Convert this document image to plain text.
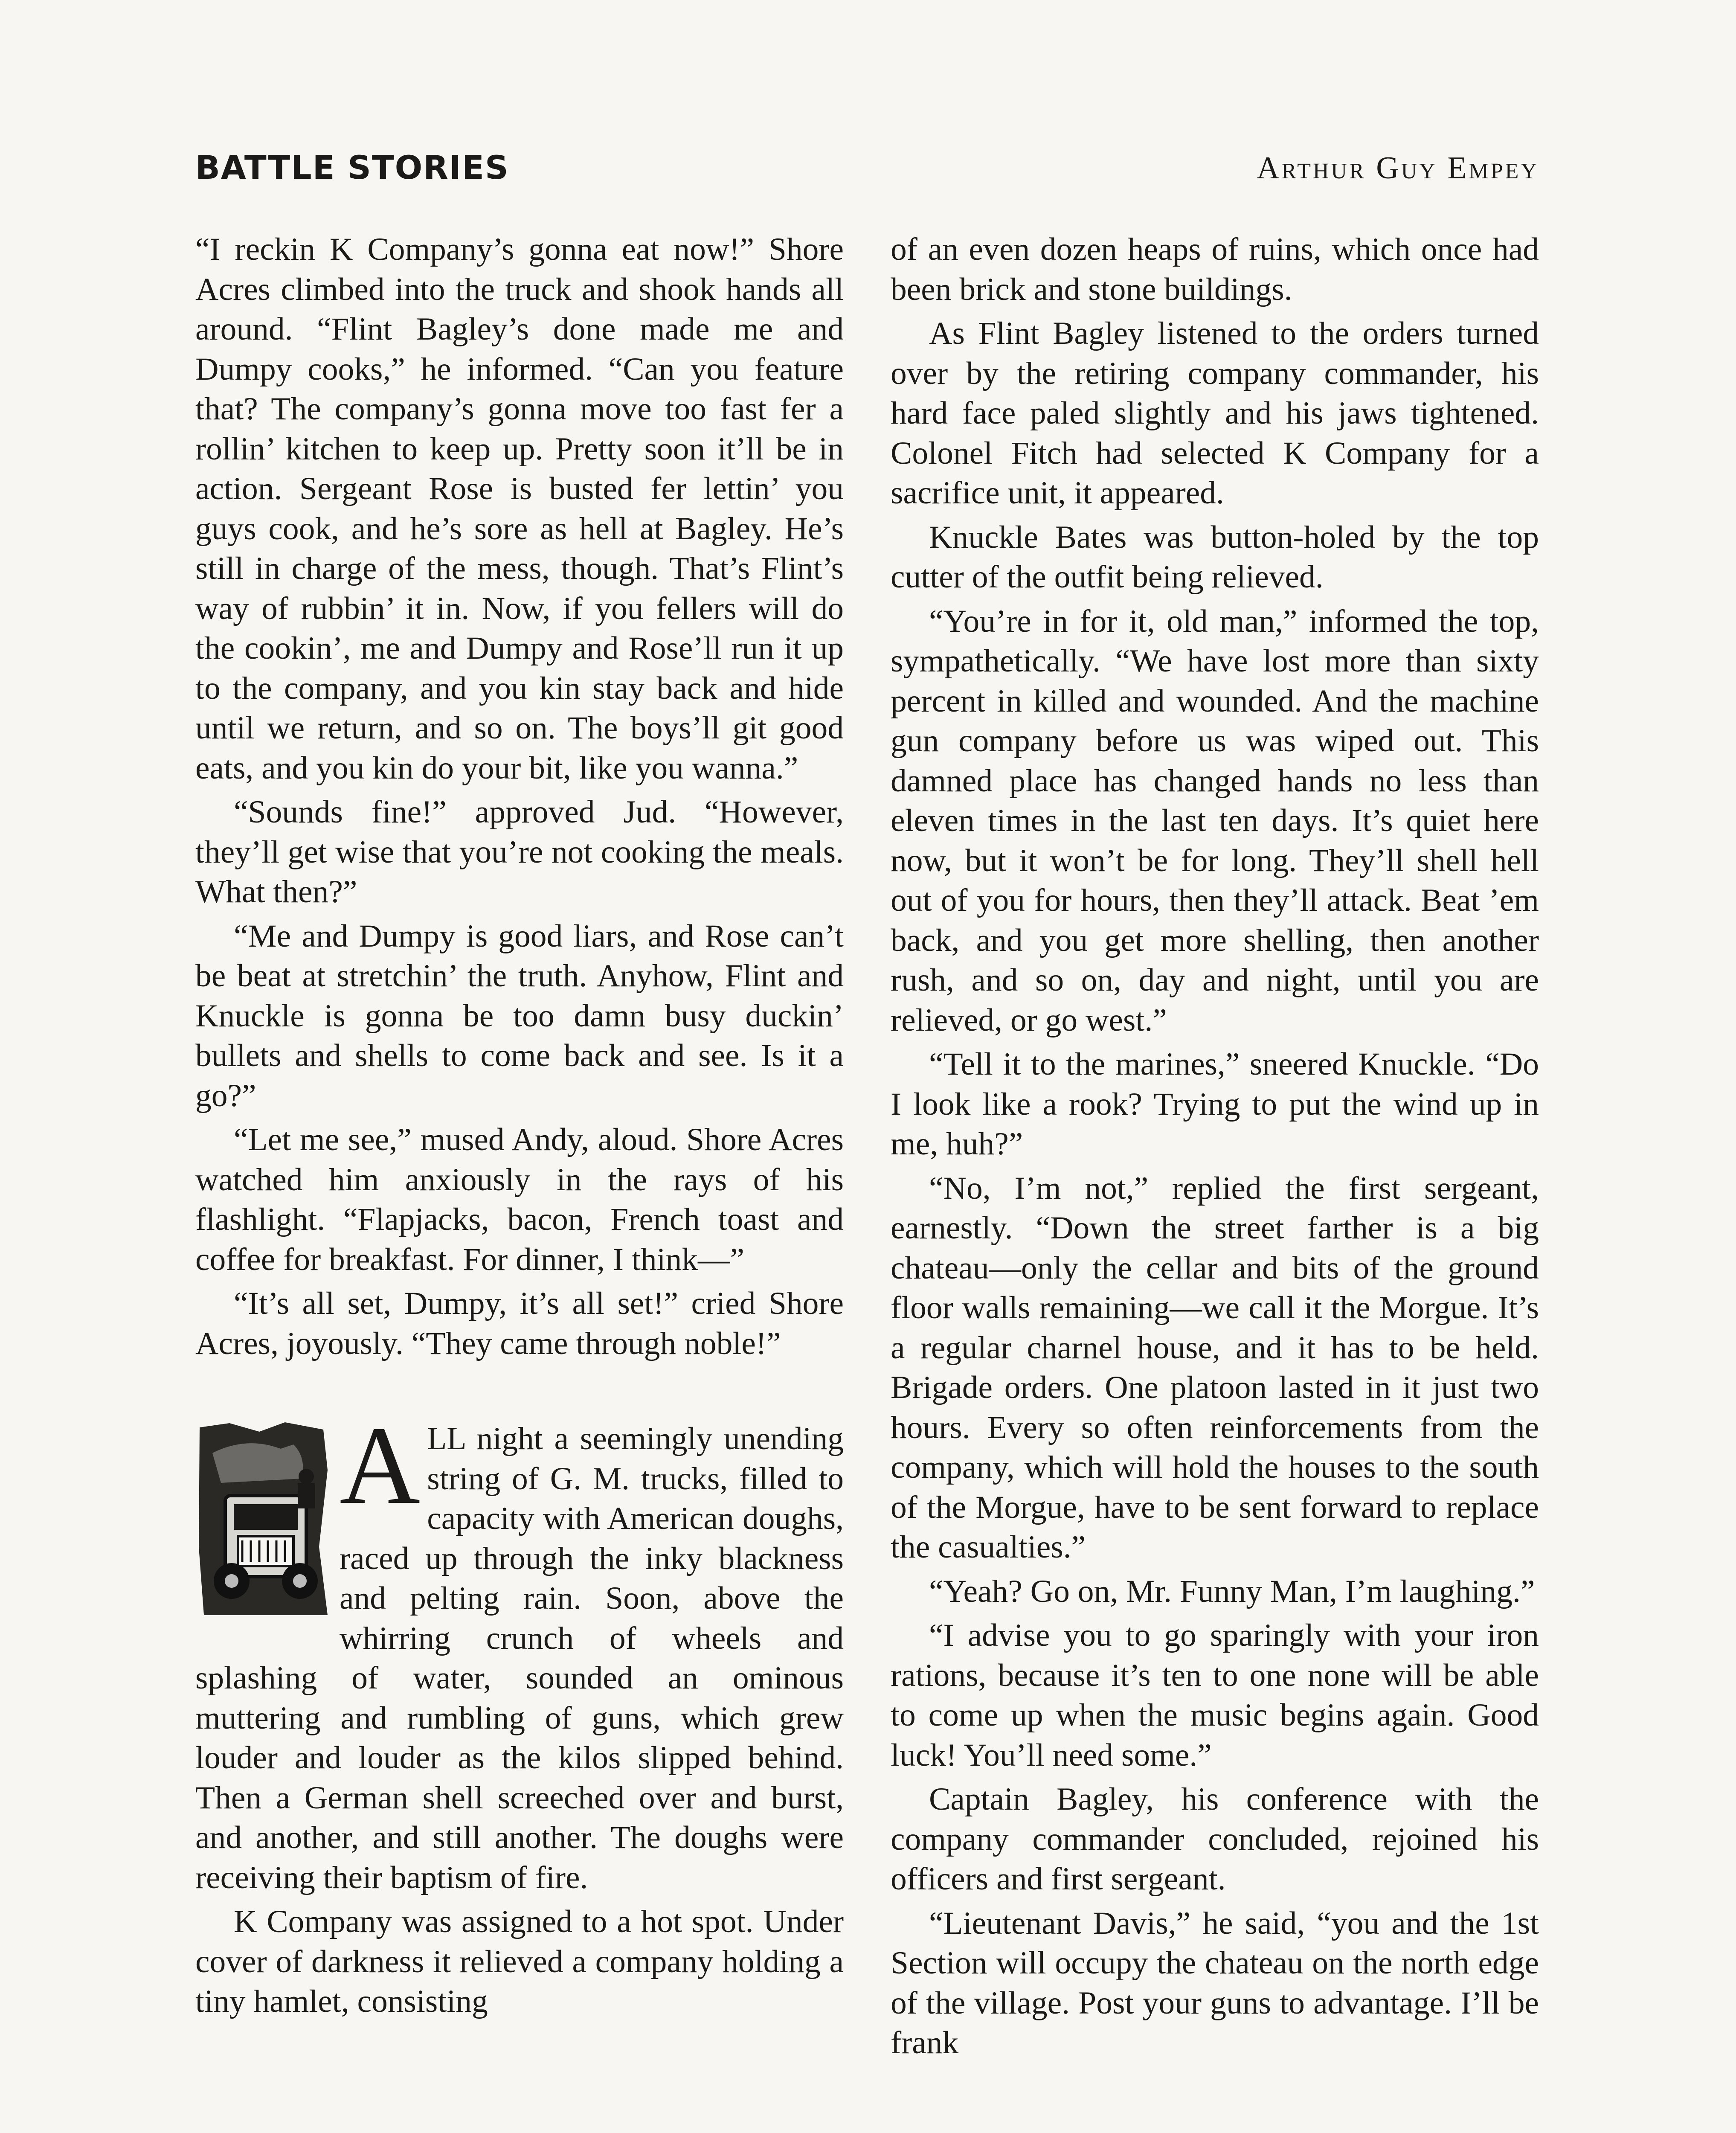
BATTLE STORIES	Arthur Guy Empey

“I reckin K Company’s gonna eat now!” Shore Acres climbed into the truck and shook hands all around. “Flint Bagley’s done made me and Dumpy cooks,” he informed. “Can you feature that? The company’s gonna move too fast fer a rollin’ kitchen to keep up. Pretty soon it’ll be in action. Sergeant Rose is busted fer lettin’ you guys cook, and he’s sore as hell at Bagley. He’s still in charge of the mess, though. That’s Flint’s way of rubbin’ it in. Now, if you fellers will do the cookin’, me and Dumpy and Rose’ll run it up to the company, and you kin stay back and hide until we return, and so on. The boys’ll git good eats, and you kin do your bit, like you wanna.”

“Sounds fine!” approved Jud. “However, they’ll get wise that you’re not cooking the meals. What then?”

“Me and Dumpy is good liars, and Rose can’t be beat at stretchin’ the truth. Anyhow, Flint and Knuckle is gonna be too damn busy duckin’ bullets and shells to come back and see. Is it a go?”

“Let me see,” mused Andy, aloud. Shore Acres watched him anxiously in the rays of his flashlight. “Flapjacks, bacon, French toast and coffee for breakfast. For dinner, I think—”

“It’s all set, Dumpy, it’s all set!” cried Shore Acres, joyously. “They came through noble!”

A LL night a seemingly unending string of G. M. trucks, filled to capacity with American doughs, raced up through the inky blackness and pelting rain. Soon, above the whirring crunch of wheels and splashing of water, sounded an ominous muttering and rumbling of guns, which grew louder and louder as the kilos slipped behind. Then a German shell screeched over and burst, and another, and still another. The doughs were receiving their baptism of fire.

K Company was assigned to a hot spot. Under cover of darkness it relieved a company holding a tiny hamlet, consisting

of an even dozen heaps of ruins, which once had been brick and stone buildings.

As Flint Bagley listened to the orders turned over by the retiring company commander, his hard face paled slightly and his jaws tightened. Colonel Fitch had selected K Company for a sacrifice unit, it appeared.

Knuckle Bates was button-holed by the top cutter of the outfit being relieved.

“You’re in for it, old man,” informed the top, sympathetically. “We have lost more than sixty percent in killed and wounded. And the machine gun company before us was wiped out. This damned place has changed hands no less than eleven times in the last ten days. It’s quiet here now, but it won’t be for long. They’ll shell hell out of you for hours, then they’ll attack. Beat ’em back, and you get more shelling, then another rush, and so on, day and night, until you are relieved, or go west.”

“Tell it to the marines,” sneered Knuckle. “Do I look like a rook? Trying to put the wind up in me, huh?”

“No, I’m not,” replied the first sergeant, earnestly. “Down the street farther is a big chateau—only the cellar and bits of the ground floor walls remaining—we call it the Morgue. It’s a regular charnel house, and it has to be held. Brigade orders. One platoon lasted in it just two hours. Every so often reinforcements from the company, which will hold the houses to the south of the Morgue, have to be sent forward to replace the casualties.”

“Yeah? Go on, Mr. Funny Man, I’m laughing.”

“I advise you to go sparingly with your iron rations, because it’s ten to one none will be able to come up when the music begins again. Good luck! You’ll need some.”

Captain Bagley, his conference with the company commander concluded, rejoined his officers and first sergeant.

“Lieutenant Davis,” he said, “you and the 1st Section will occupy the chateau on the north edge of the village. Post your guns to advantage. I’ll be frank
